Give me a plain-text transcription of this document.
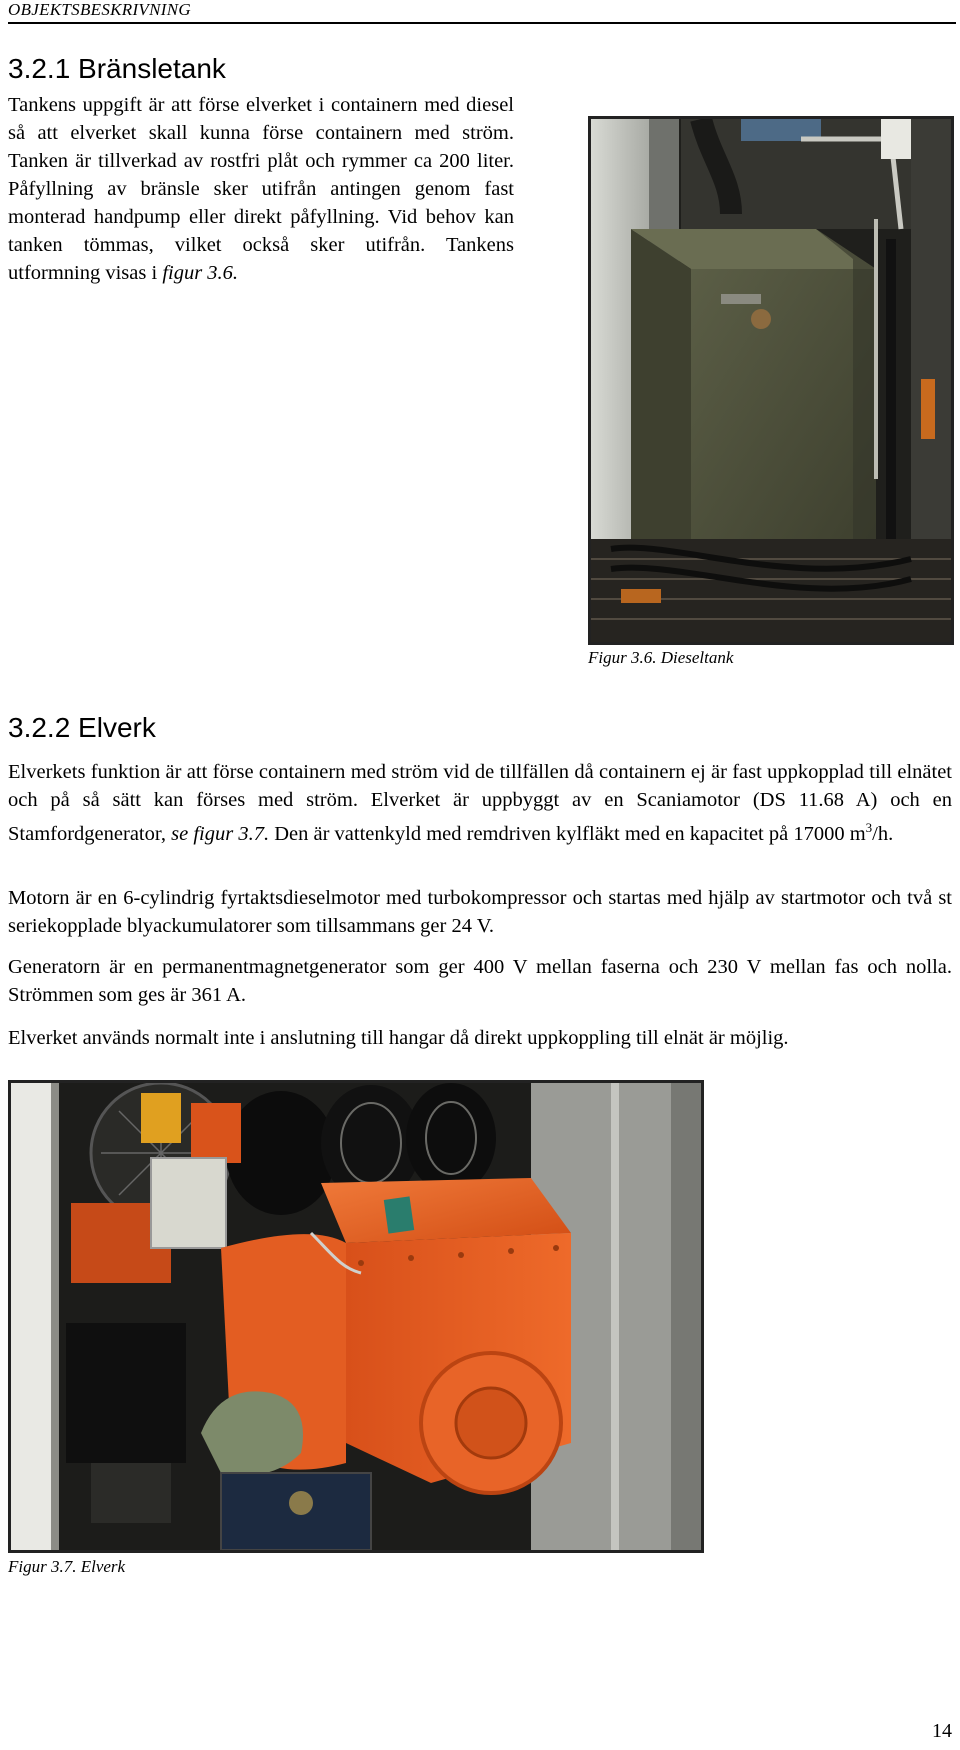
OBJEKTSBESKRIVNING
3.2.1 Bränsletank

Tankens uppgift är att förse elverket i containern med diesel så att elverket skall kunna förse containern med ström. Tanken är tillverkad av rostfri plåt och rymmer ca 200 liter. Påfyllning av bränsle sker utifrån antingen genom fast monterad handpump eller direkt påfyllning. Vid behov kan tanken tömmas, vilket också sker utifrån. Tankens utformning visas i figur 3.6.

Figur 3.6. Dieseltank
3.2.2 Elverk

Elverkets funktion är att förse containern med ström vid de tillfällen då containern ej är fast uppkopplad till elnätet och på så sätt kan förses med ström. Elverket är uppbyggt av en Scaniamotor (DS 11.68 A) och en Stamfordgenerator, se figur 3.7. Den är vattenkyld med remdriven kylfläkt med en kapacitet på 17000 $m^3/h$.

Motorn är en 6-cylindrig fyrtaktsdieselmotor med turbokompressor och startas med hjälp av startmotor och två st seriekopplade blyackumulatorer som tillsammans ger 24 V.

Generatorn är en permanentmagnetgenerator som ger 400 V mellan faserna och 230 V mellan fas och nolla. Strömmen som ges är 361 A.

Elverket används normalt inte i anslutning till hangar då direkt uppkoppling till elnät är möjlig.

Figur 3.7. Elverk
14
